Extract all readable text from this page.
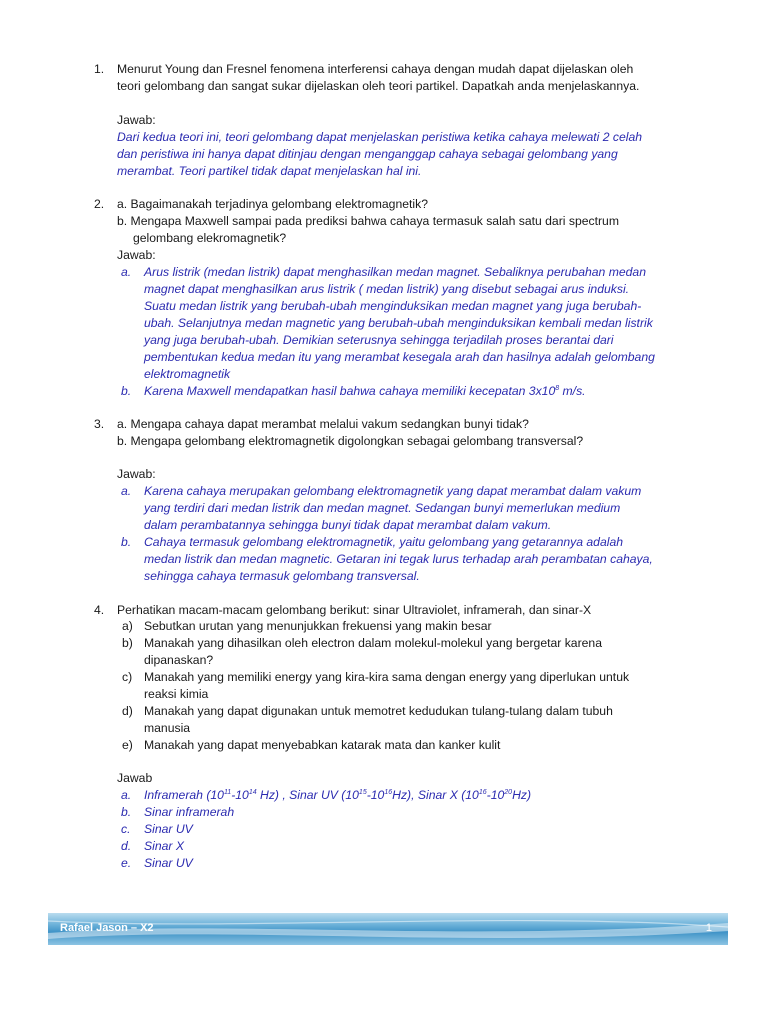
1. Menurut Young dan Fresnel fenomena interferensi cahaya dengan mudah dapat dijelaskan oleh
teori gelombang dan sangat sukar dijelaskan oleh teori partikel. Dapatkah anda menjelaskannya.
Jawab:
Dari kedua teori ini, teori gelombang dapat menjelaskan peristiwa ketika cahaya melewati 2 celah
dan peristiwa ini hanya dapat ditinjau dengan menganggap cahaya sebagai gelombang yang
merambat. Teori partikel tidak dapat menjelaskan hal ini.
2. a. Bagaimanakah terjadinya gelombang elektromagnetik?
b. Mengapa Maxwell sampai pada prediksi bahwa cahaya termasuk salah satu dari spectrum
gelombang elekromagnetik?
Jawab:
a. Arus listrik (medan listrik) dapat menghasilkan medan magnet. Sebaliknya perubahan medan
magnet dapat menghasilkan arus listrik ( medan listrik) yang disebut sebagai arus induksi.
Suatu medan listrik yang berubah-ubah menginduksikan medan magnet yang juga berubah-
ubah. Selanjutnya medan magnetic yang berubah-ubah menginduksikan kembali medan listrik
yang juga berubah-ubah. Demikian seterusnya sehingga terjadilah proses berantai dari
pembentukan kedua medan itu yang merambat kesegala arah dan hasilnya adalah gelombang
elektromagnetik
b. Karena Maxwell mendapatkan hasil bahwa cahaya memiliki kecepatan $3x10^8$ m/s.
3. a. Mengapa cahaya dapat merambat melalui vakum sedangkan bunyi tidak?
b. Mengapa gelombang elektromagnetik digolongkan sebagai gelombang transversal?
Jawab:
a. Karena cahaya merupakan gelombang elektromagnetik yang dapat merambat dalam vakum
yang terdiri dari medan listrik dan medan magnet. Sedangan bunyi memerlukan medium
dalam perambatannya sehingga bunyi tidak dapat merambat dalam vakum.
b. Cahaya termasuk gelombang elektromagnetik, yaitu gelombang yang getarannya adalah
medan listrik dan medan magnetic. Getaran ini tegak lurus terhadap arah perambatan cahaya,
sehingga cahaya termasuk gelombang transversal.
4. Perhatikan macam-macam gelombang berikut: sinar Ultraviolet, inframerah, dan sinar-X
a) Sebutkan urutan yang menunjukkan frekuensi yang makin besar
b) Manakah yang dihasilkan oleh electron dalam molekul-molekul yang bergetar karena
dipanaskan?
c) Manakah yang memiliki energy yang kira-kira sama dengan energy yang diperlukan untuk
reaksi kimia
d) Manakah yang dapat digunakan untuk memotret kedudukan tulang-tulang dalam tubuh
manusia
e) Manakah yang dapat menyebabkan katarak mata dan kanker kulit
Jawab
a. Inframerah ($10^{11}-10^{14}$ Hz) , Sinar UV $(10^{15}-10^{16}Hz)$, Sinar X $(10^{16}-10^{20}Hz)$
b. Sinar inframerah
c. Sinar UV
d. Sinar X
e. Sinar UV
Rafael Jason – X2	1
